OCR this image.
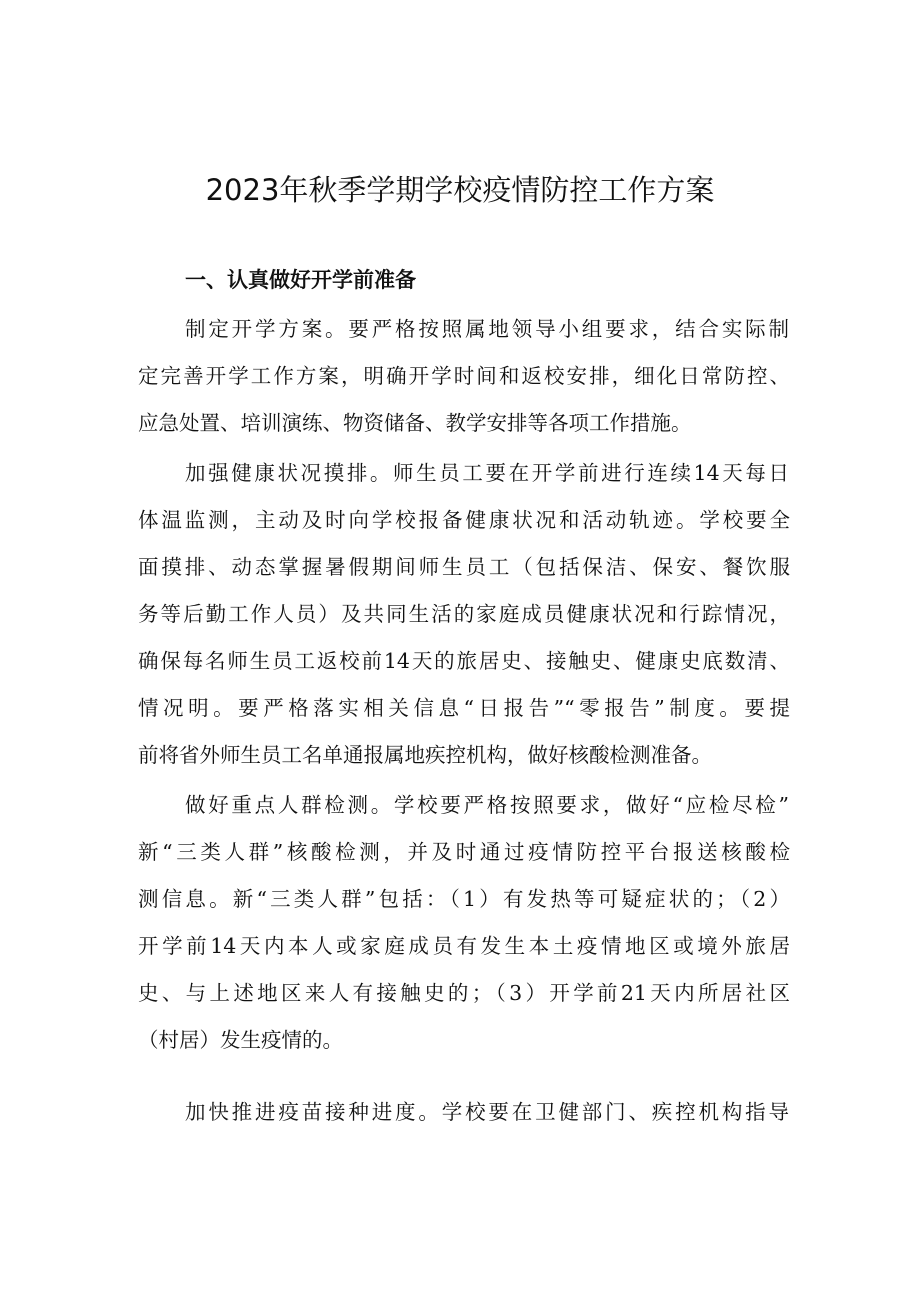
2023年秋季学期学校疫情防控工作方案
一、认真做好开学前准备
制定开学方案。要严格按照属地领导小组要求，结合实际制
定完善开学工作方案，明确开学时间和返校安排，细化日常防控、
应急处置、培训演练、物资储备、教学安排等各项工作措施。
加强健康状况摸排。师生员工要在开学前进行连续14天每日
体温监测，主动及时向学校报备健康状况和活动轨迹。学校要全
面摸排、动态掌握暑假期间师生员工（包括保洁、保安、餐饮服
务等后勤工作人员）及共同生活的家庭成员健康状况和行踪情况，
确保每名师生员工返校前14天的旅居史、接触史、健康史底数清、
情况明。要严格落实相关信息“日报告”“零报告”制度。要提
前将省外师生员工名单通报属地疾控机构，做好核酸检测准备。
做好重点人群检测。学校要严格按照要求，做好“应检尽检”
新“三类人群”核酸检测，并及时通过疫情防控平台报送核酸检
测信息。新“三类人群”包括：（1）有发热等可疑症状的；（2）
开学前14天内本人或家庭成员有发生本土疫情地区或境外旅居
史、与上述地区来人有接触史的；（3）开学前21天内所居社区
（村居）发生疫情的。
加快推进疫苗接种进度。学校要在卫健部门、疾控机构指导
